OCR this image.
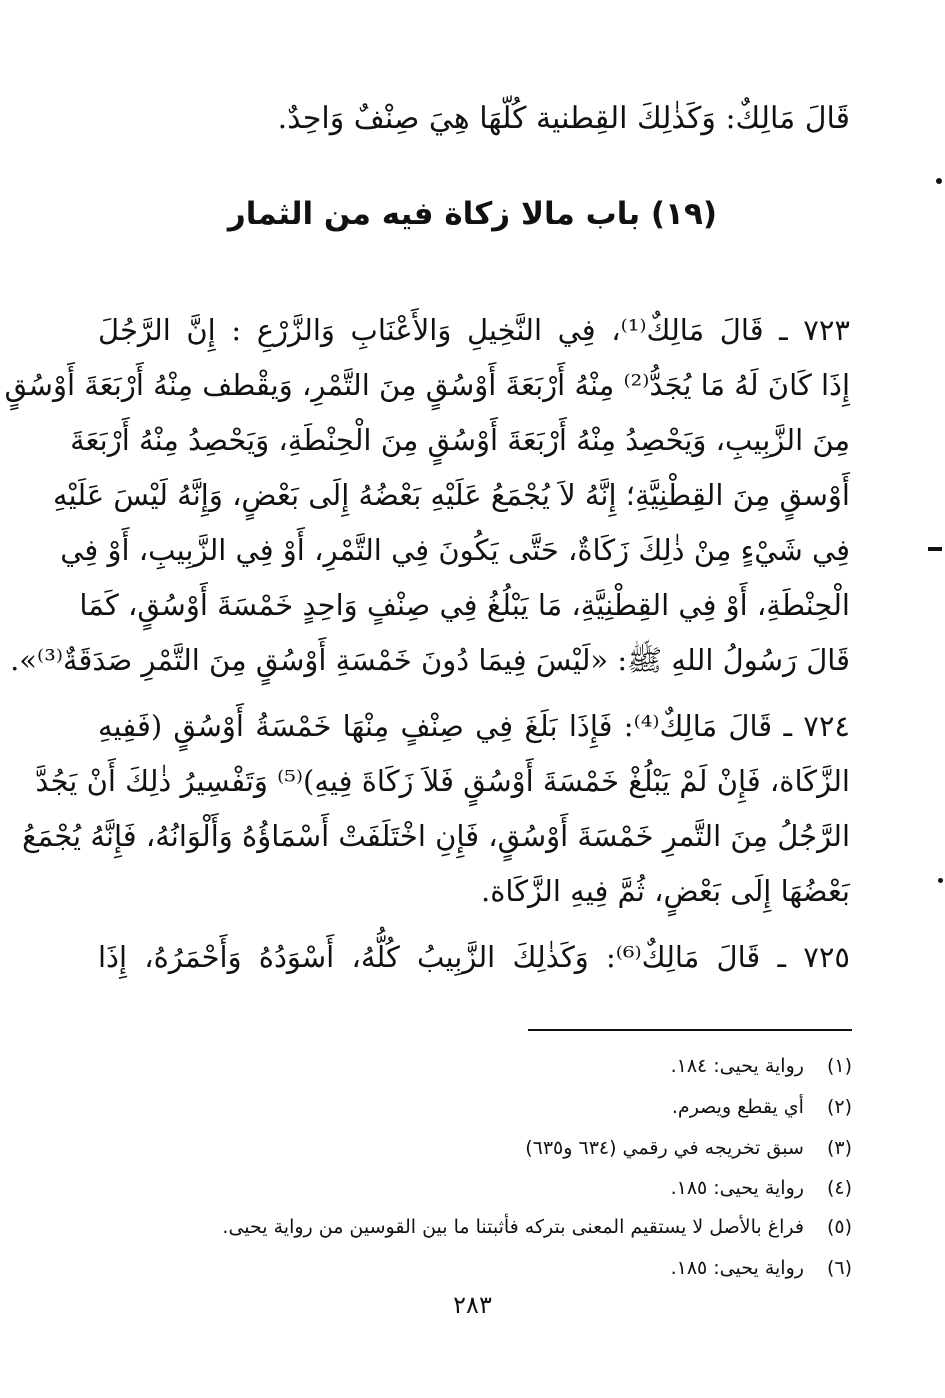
قَالَ مَالِكٌ: وَكَذٰلِكَ القِطنية كُلّهَا هِيَ صِنْفٌ وَاحِدٌ.
(١٩) باب مالا زكاة فيه من الثمار
٧٢٣ ـ قَالَ مَالِكٌ⁽¹⁾، فِي النَّخِيلِ وَالأَعْنَابِ وَالزَّرْعِ : إِنَّ الرَّجُلَ
إِذَا كَانَ لَهُ مَا يُجَدُّ⁽²⁾ مِنْهُ أَرْبَعَةَ أَوْسُقٍ مِنَ التَّمْرِ، وَيقْطف مِنْهُ أَرْبَعَةَ أَوْسُقٍ
مِنَ الزَّبِيبِ، وَيَحْصِدُ مِنْهُ أَرْبَعَةَ أَوْسُقٍ مِنَ الْحِنْطَةِ، وَيَحْصِدُ مِنْهُ أَرْبَعَةَ
أَوْسقٍ مِنَ القِطْنِيَّةِ؛ إِنَّهُ لاَ يُجْمَعُ عَلَيْهِ بَعْضُهُ إِلَى بَعْضٍ، وَإِنَّهُ لَيْسَ عَلَيْهِ
فِي شَيْءٍ مِنْ ذٰلِكَ زَكَاةٌ، حَتَّى يَكُونَ فِي التَّمْرِ، أَوْ فِي الزَّبِيبِ، أَوْ فِي
الْحِنْطَةِ، أَوْ فِي القِطْنِيَّةِ، مَا يَبْلُغُ فِي صِنْفٍ وَاحِدٍ خَمْسَةَ أَوْسُقٍ، كَمَا
قَالَ رَسُولُ اللهِ ﷺ: «لَيْسَ فِيمَا دُونَ خَمْسَةِ أَوْسُقٍ مِنَ التَّمْرِ صَدَقَةٌ⁽³⁾».
٧٢٤ ـ قَالَ مَالِكٌ⁽⁴⁾: فَإِذَا بَلَغَ فِي صِنْفٍ مِنْهَا خَمْسَةُ أَوْسُقٍ (فَفِيهِ
الزَّكَاة، فَإِنْ لَمْ يَبْلُغْ خَمْسَةَ أَوْسُقٍ فَلاَ زَكَاةَ فِيهِ)⁽⁵⁾ وَتَفْسِيرُ ذٰلِكَ أَنْ يَجُدَّ
الرَّجُلُ مِنَ التَّمرِ خَمْسَةَ أَوْسُقٍ، فَإِنِ اخْتَلَفَتْ أَسْمَاؤُهُ وَأَلْوَانُهُ، فَإِنَّهُ يُجْمَعُ
بَعْضُهَا إِلَى بَعْضٍ، ثُمَّ فِيهِ الزَّكَاة.
٧٢٥ ـ قَالَ مَالِكٌ⁽⁶⁾: وَكَذٰلِكَ الزَّبِيبُ كُلُّهُ، أَسْوَدُهُ وَأَحْمَرُهُ، إِذَا
(١) رواية يحيى: ١٨٤.
(٢) أي يقطع ويصرم.
(٣) سبق تخريجه في رقمي (٦٣٤ و٦٣٥)
(٤) رواية يحيى: ١٨٥.
(٥) فراغ بالأصل لا يستقيم المعنى بتركه فأثبتنا ما بين القوسين من رواية يحيى.
(٦) رواية يحيى: ١٨٥.
٢٨٣
